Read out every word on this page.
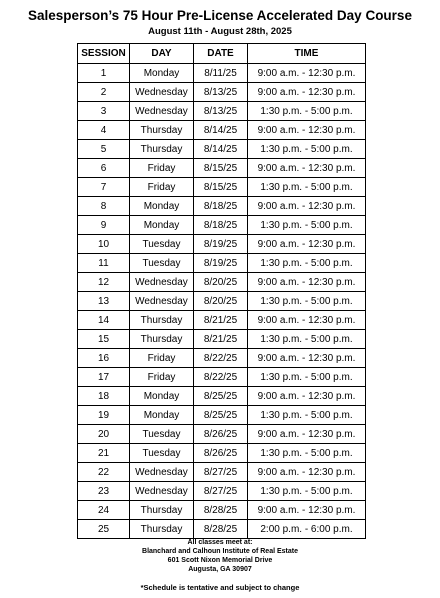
Salesperson’s 75 Hour Pre-License Accelerated Day Course
August 11th - August 28th, 2025
SESSION	DAY	DATE	TIME
1	Monday	8/11/25	9:00 a.m. - 12:30 p.m.
2	Wednesday	8/13/25	9:00 a.m. - 12:30 p.m.
3	Wednesday	8/13/25	1:30 p.m. - 5:00 p.m.
4	Thursday	8/14/25	9:00 a.m. - 12:30 p.m.
5	Thursday	8/14/25	1:30 p.m. - 5:00 p.m.
6	Friday	8/15/25	9:00 a.m. - 12:30 p.m.
7	Friday	8/15/25	1:30 p.m. - 5:00 p.m.
8	Monday	8/18/25	9:00 a.m. - 12:30 p.m.
9	Monday	8/18/25	1:30 p.m. - 5:00 p.m.
10	Tuesday	8/19/25	9:00 a.m. - 12:30 p.m.
11	Tuesday	8/19/25	1:30 p.m. - 5:00 p.m.
12	Wednesday	8/20/25	9:00 a.m. - 12:30 p.m.
13	Wednesday	8/20/25	1:30 p.m. - 5:00 p.m.
14	Thursday	8/21/25	9:00 a.m. - 12:30 p.m.
15	Thursday	8/21/25	1:30 p.m. - 5:00 p.m.
16	Friday	8/22/25	9:00 a.m. - 12:30 p.m.
17	Friday	8/22/25	1:30 p.m. - 5:00 p.m.
18	Monday	8/25/25	9:00 a.m. - 12:30 p.m.
19	Monday	8/25/25	1:30 p.m. - 5:00 p.m.
20	Tuesday	8/26/25	9:00 a.m. - 12:30 p.m.
21	Tuesday	8/26/25	1:30 p.m. - 5:00 p.m.
22	Wednesday	8/27/25	9:00 a.m. - 12:30 p.m.
23	Wednesday	8/27/25	1:30 p.m. - 5:00 p.m.
24	Thursday	8/28/25	9:00 a.m. - 12:30 p.m.
25	Thursday	8/28/25	2:00 p.m. - 6:00 p.m.
All classes meet at:
Blanchard and Calhoun Institute of Real Estate
601 Scott Nixon Memorial Drive
Augusta, GA 30907
*Schedule is tentative and subject to change
